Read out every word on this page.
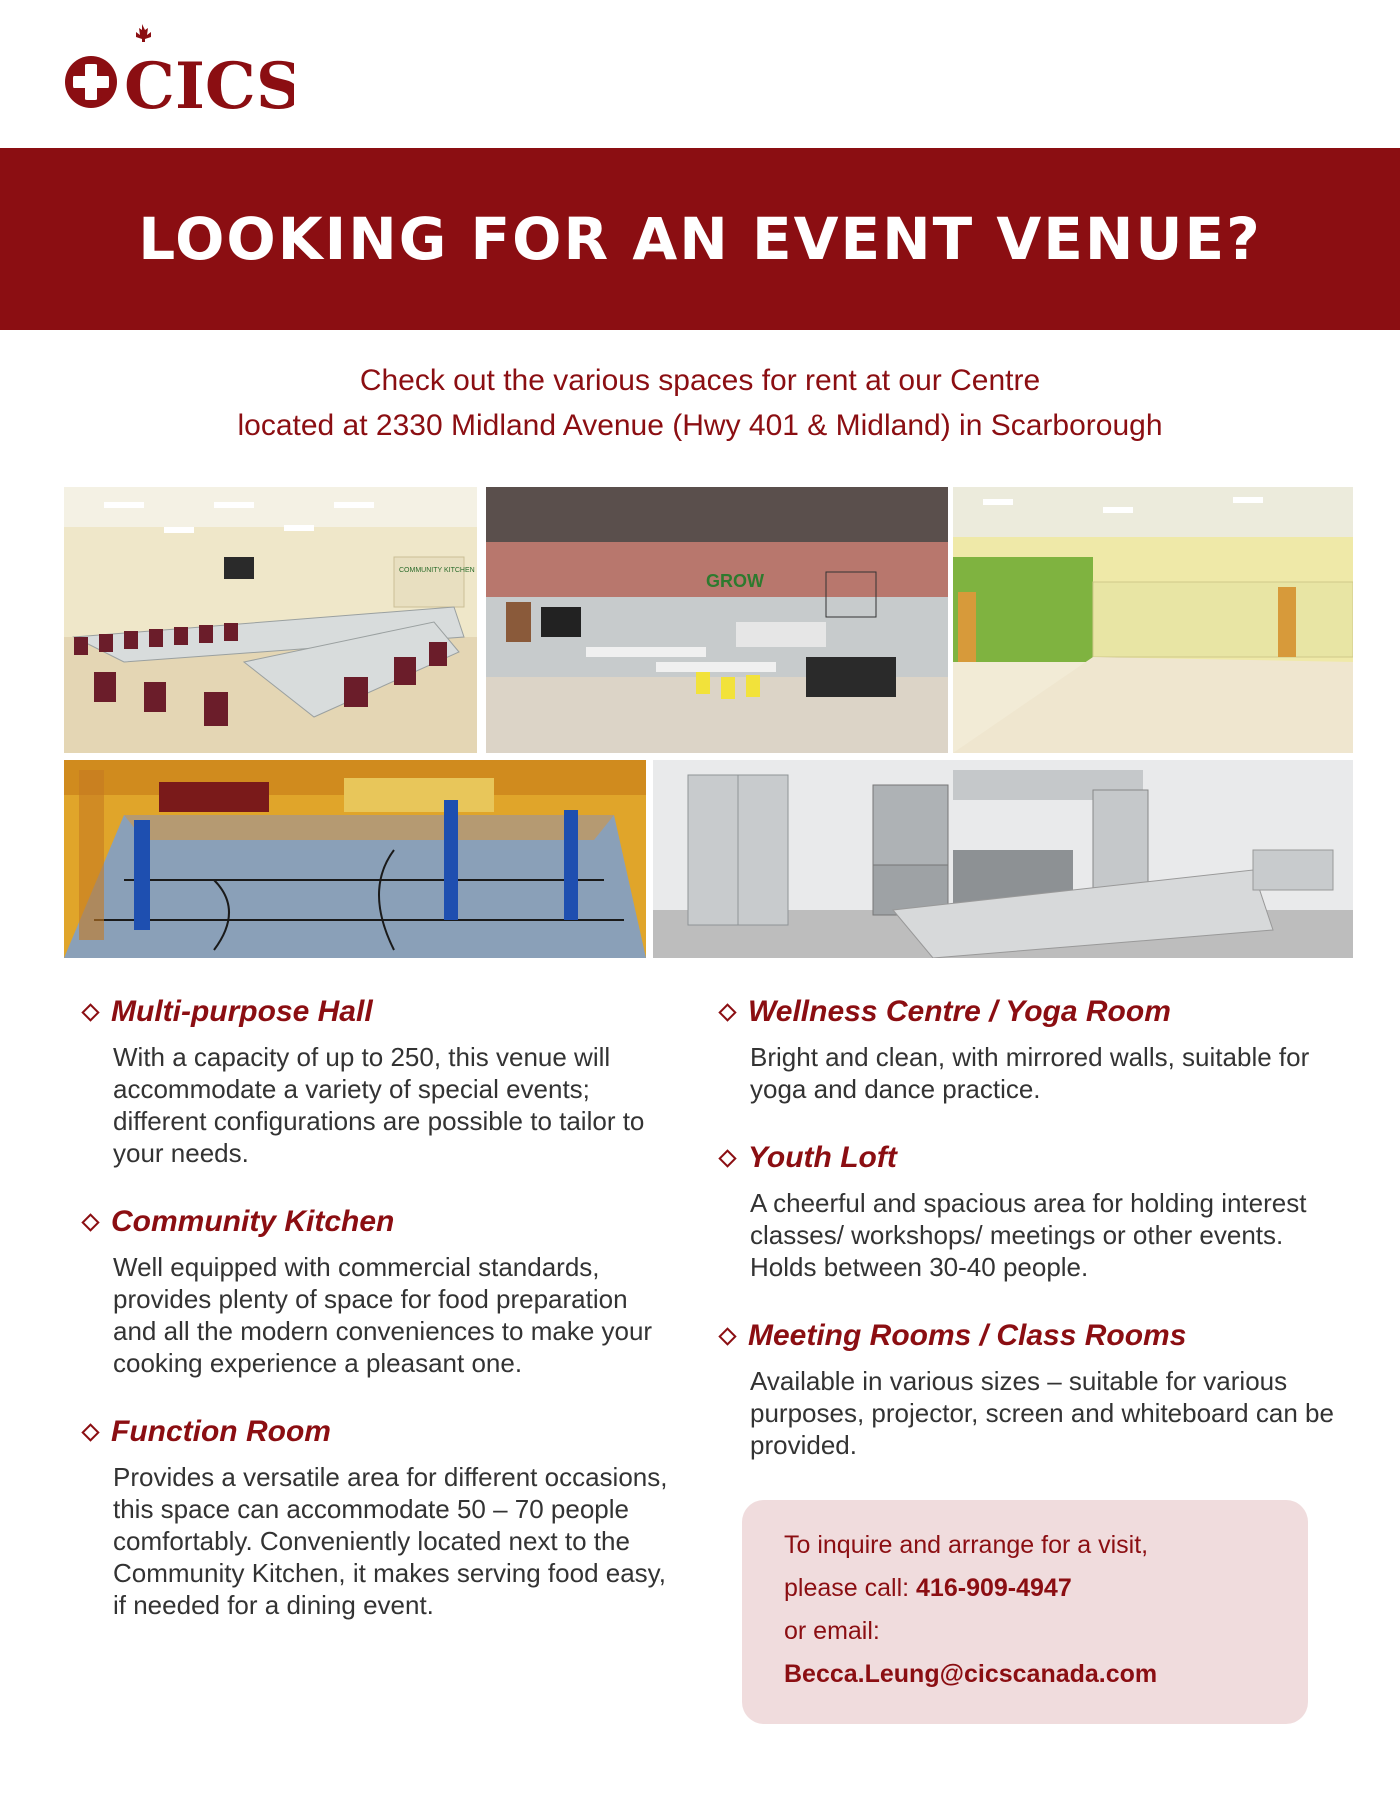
CICS
LOOKING FOR AN EVENT VENUE?
Check out the various spaces for rent at our Centre
located at 2330 Midland Avenue (Hwy 401 & Midland) in Scarborough
COMMUNITY KITCHEN
GROW
Multi-purpose Hall
With a capacity of up to 250, this venue will accommodate a variety of special events; different configurations are possible to tailor to your needs.
Community Kitchen
Well equipped with commercial standards, provides plenty of space for food preparation and all the modern conveniences to make your cooking experience a pleasant one.
Function Room
Provides a versatile area for different occasions, this space can accommodate 50 – 70 people comfortably. Conveniently located next to the Community Kitchen, it makes serving food easy, if needed for a dining event.
Wellness Centre / Yoga Room
Bright and clean, with mirrored walls, suitable for yoga and dance practice.
Youth Loft
A cheerful and spacious area for holding interest classes/ workshops/ meetings or other events. Holds between 30-40 people.
Meeting Rooms / Class Rooms
Available in various sizes – suitable for various purposes, projector, screen and whiteboard can be provided.
To inquire and arrange for a visit,
please call: 416-909-4947
or email:
Becca.Leung@cicscanada.com
